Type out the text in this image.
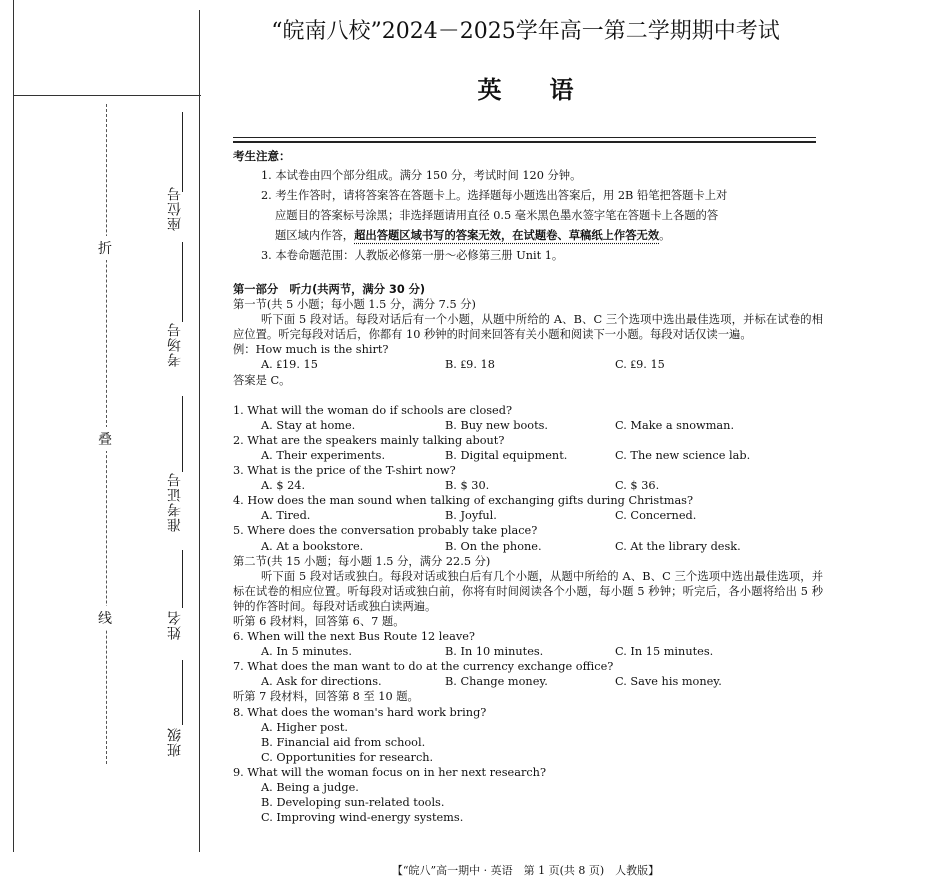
折
叠
线
座位号
考场号
准考证号
姓名
班级
“皖南八校”2024－2025学年高一第二学期期中考试
英语
考生注意：
1. 本试卷由四个部分组成。满分 150 分，考试时间 120 分钟。
2. 考生作答时，请将答案答在答题卡上。选择题每小题选出答案后，用 2B 铅笔把答题卡上对
应题目的答案标号涂黑；非选择题请用直径 0.5 毫米黑色墨水签字笔在答题卡上各题的答
题区域内作答，超出答题区域书写的答案无效，在试题卷、草稿纸上作答无效。
3. 本卷命题范围：人教版必修第一册～必修第三册 Unit 1。
第一部分　听力(共两节，满分 30 分)
第一节(共 5 小题；每小题 1.5 分，满分 7.5 分)
听下面 5 段对话。每段对话后有一个小题，从题中所给的 A、B、C 三个选项中选出最佳选项，并标在试卷的相应位置。听完每段对话后，你都有 10 秒钟的时间来回答有关小题和阅读下一小题。每段对话仅读一遍。
例：How much is the shirt?
A. ₤19. 15	B. ₤9. 18	C. ₤9. 15
答案是 C。
1. What will the woman do if schools are closed?
A. Stay at home.	B. Buy new boots.	C. Make a snowman.
2. What are the speakers mainly talking about?
A. Their experiments.	B. Digital equipment.	C. The new science lab.
3. What is the price of the T-shirt now?
A. $ 24.	B. $ 30.	C. $ 36.
4. How does the man sound when talking of exchanging gifts during Christmas?
A. Tired.	B. Joyful.	C. Concerned.
5. Where does the conversation probably take place?
A. At a bookstore.	B. On the phone.	C. At the library desk.
第二节(共 15 小题；每小题 1.5 分，满分 22.5 分)
听下面 5 段对话或独白。每段对话或独白后有几个小题，从题中所给的 A、B、C 三个选项中选出最佳选项，并标在试卷的相应位置。听每段对话或独白前，你将有时间阅读各个小题，每小题 5 秒钟；听完后，各小题将给出 5 秒钟的作答时间。每段对话或独白读两遍。
听第 6 段材料，回答第 6、7 题。
6. When will the next Bus Route 12 leave?
A. In 5 minutes.	B. In 10 minutes.	C. In 15 minutes.
7. What does the man want to do at the currency exchange office?
A. Ask for directions.	B. Change money.	C. Save his money.
听第 7 段材料，回答第 8 至 10 题。
8. What does the woman's hard work bring?
A. Higher post.
B. Financial aid from school.
C. Opportunities for research.
9. What will the woman focus on in her next research?
A. Being a judge.
B. Developing sun-related tools.
C. Improving wind-energy systems.
【“皖八”高一期中 · 英语　第 1 页(共 8 页)　人教版】
